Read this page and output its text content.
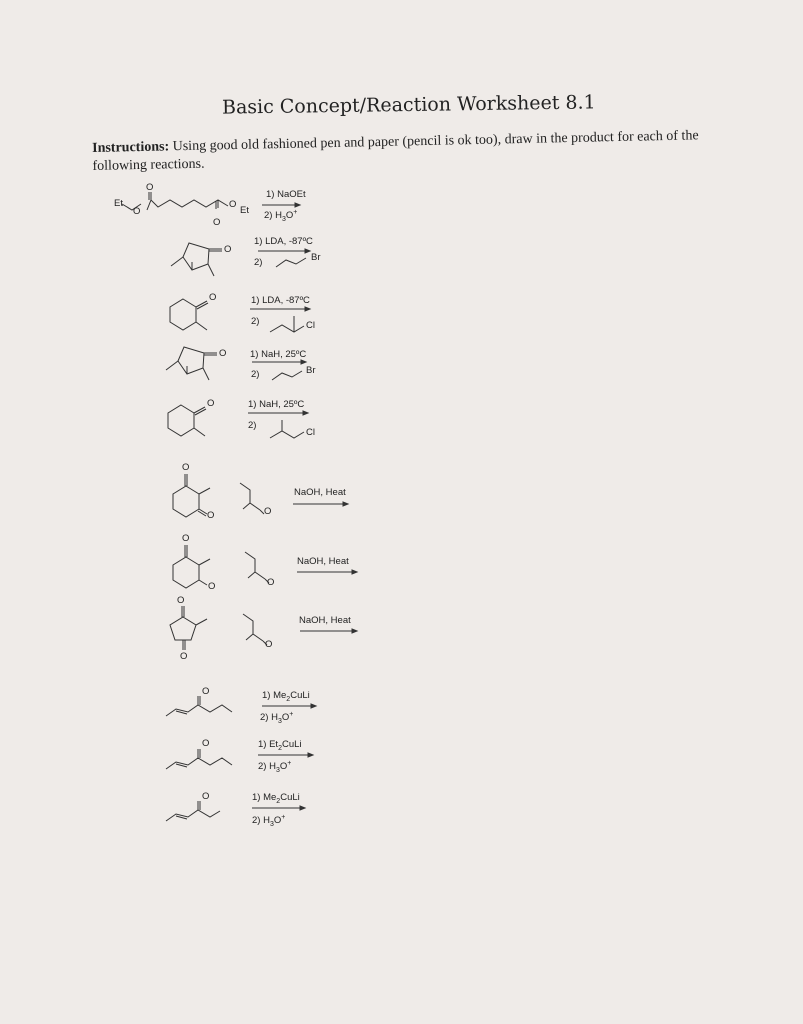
Basic Concept/Reaction Worksheet 8.1
Instructions: Using good old fashioned pen and paper (pencil is ok too), draw in the product for each of the following reactions.
Et
O
O
O
Et
O
1) NaOEt
2) $H_3O^+$
O
1) LDA, -87ºC
2)	Br
O	1) LDA, -87ºC
2)	Cl
O 1) NaH, 25ºC
2)	Br
O	1) NaH, 25ºC
2)
Cl
O
O	O
NaOH, Heat
O
O	O
NaOH, Heat
O
O
O
NaOH, Heat
O	1) $Me_2CuLi$
2) $H_3O^+$
O	1) $Et_2CuLi$
2) $H_3O^+$
O	1) $Me_2CuLi$
2) $H_3O^+$
